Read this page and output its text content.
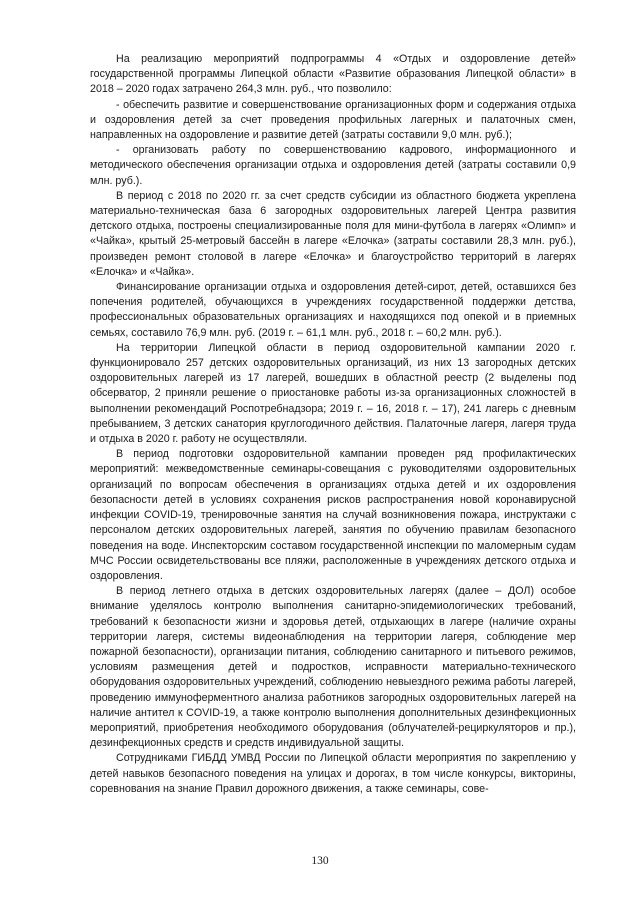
На реализацию мероприятий подпрограммы 4 «Отдых и оздоровление детей» государственной программы Липецкой области «Развитие образования Липецкой области» в 2018 – 2020 годах затрачено 264,3 млн. руб., что позволило:

- обеспечить развитие и совершенствование организационных форм и содержания отдыха и оздоровления детей за счет проведения профильных лагерных и палаточных смен, направленных на оздоровление и развитие детей (затраты составили 9,0 млн. руб.);

- организовать работу по совершенствованию кадрового, информационного и методического обеспечения организации отдыха и оздоровления детей (затраты составили 0,9 млн. руб.).

В период с 2018 по 2020 гг. за счет средств субсидии из областного бюджета укреплена материально-техническая база 6 загородных оздоровительных лагерей Центра развития детского отдыха, построены специализированные поля для мини-футбола в лагерях «Олимп» и «Чайка», крытый 25-метровый бассейн в лагере «Елочка» (затраты составили 28,3 млн. руб.), произведен ремонт столовой в лагере «Елочка» и благоустройство территорий в лагерях «Елочка» и «Чайка».

Финансирование организации отдыха и оздоровления детей-сирот, детей, оставшихся без попечения родителей, обучающихся в учреждениях государственной поддержки детства, профессиональных образовательных организациях и находящихся под опекой и в приемных семьях, составило 76,9 млн. руб. (2019 г. – 61,1 млн. руб., 2018 г. – 60,2 млн. руб.).

На территории Липецкой области в период оздоровительной кампании 2020 г. функционировало 257 детских оздоровительных организаций, из них 13 загородных детских оздоровительных лагерей из 17 лагерей, вошедших в областной реестр (2 выделены под обсерватор, 2 приняли решение о приостановке работы из-за организационных сложностей в выполнении рекомендаций Роспотребнадзора; 2019 г. – 16, 2018 г. – 17), 241 лагерь с дневным пребыванием, 3 детских санатория круглогодичного действия. Палаточные лагеря, лагеря труда и отдыха в 2020 г. работу не осуществляли.

В период подготовки оздоровительной кампании проведен ряд профилактических мероприятий: межведомственные семинары-совещания с руководителями оздоровительных организаций по вопросам обеспечения в организациях отдыха детей и их оздоровления безопасности детей в условиях сохранения рисков распространения новой коронавирусной инфекции COVID-19, тренировочные занятия на случай возникновения пожара, инструктажи с персоналом детских оздоровительных лагерей, занятия по обучению правилам безопасного поведения на воде. Инспекторским составом государственной инспекции по маломерным судам МЧС России освидетельствованы все пляжи, расположенные в учреждениях детского отдыха и оздоровления.

В период летнего отдыха в детских оздоровительных лагерях (далее – ДОЛ) особое внимание уделялось контролю выполнения санитарно-эпидемиологических требований, требований к безопасности жизни и здоровья детей, отдыхающих в лагере (наличие охраны территории лагеря, системы видеонаблюдения на территории лагеря, соблюдение мер пожарной безопасности), организации питания, соблюдению санитарного и питьевого режимов, условиям размещения детей и подростков, исправности материально-технического оборудования оздоровительных учреждений, соблюдению невыездного режима работы лагерей, проведению иммуноферментного анализа работников загородных оздоровительных лагерей на наличие антител к COVID-19, а также контролю выполнения дополнительных дезинфекционных мероприятий, приобретения необходимого оборудования (облучателей-рециркуляторов и пр.), дезинфекционных средств и средств индивидуальной защиты.

Сотрудниками ГИБДД УМВД России по Липецкой области мероприятия по закреплению у детей навыков безопасного поведения на улицах и дорогах, в том числе конкурсы, викторины, соревнования на знание Правил дорожного движения, а также семинары, сове-

130
